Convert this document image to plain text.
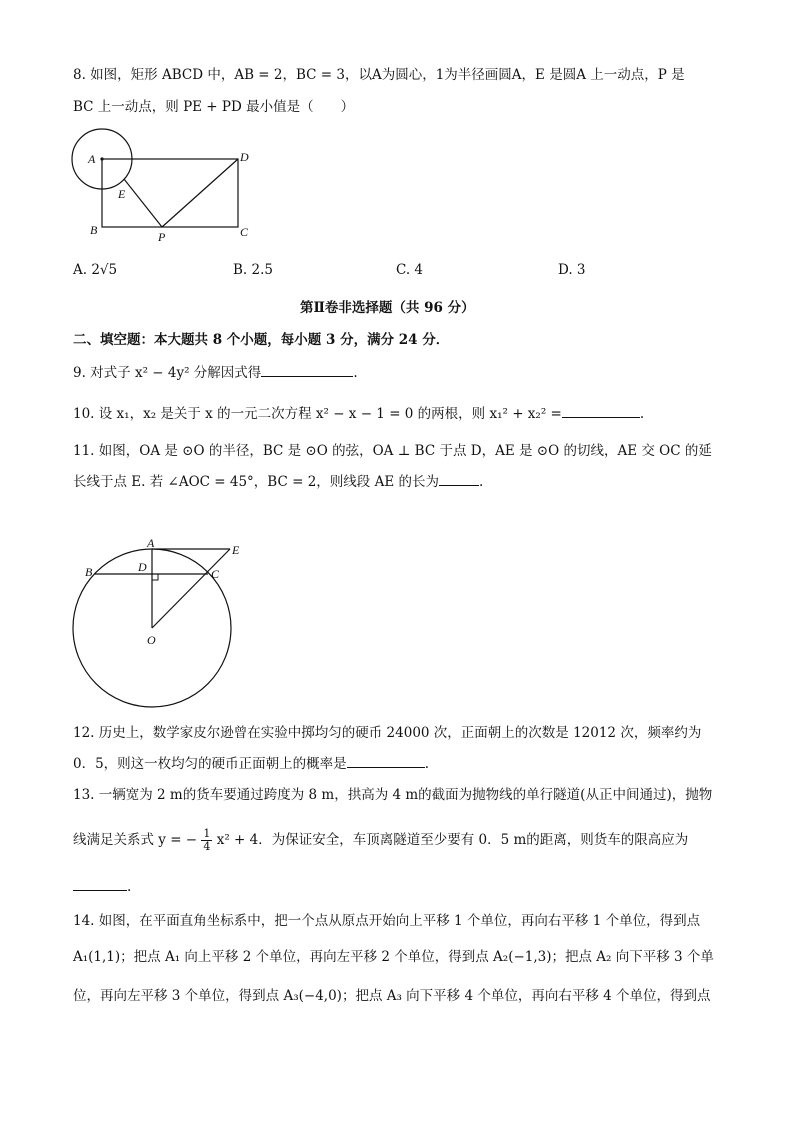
8. 如图，矩形 ABCD 中，AB = 2，BC = 3，以A为圆心，1为半径画圆A，E 是圆A 上一动点，P 是
BC 上一动点，则 PE + PD 最小值是（　　）
A	D
E
B	P	C
A. 2√5	B. 2.5	C. 4	D. 3
第Ⅱ卷非选择题（共 96 分）
二、填空题：本大题共 8 个小题，每小题 3 分，满分 24 分．
9. 对式子 x² − 4y² 分解因式得	.
10. 设 x₁，x₂ 是关于 x 的一元二次方程 x² − x − 1 = 0 的两根，则 x₁² + x₂² =	.
11. 如图，OA 是 ⊙O 的半径，BC 是 ⊙O 的弦，OA ⊥ BC 于点 D，AE 是 ⊙O 的切线，AE 交 OC 的延
长线于点 E. 若 ∠AOC = 45°，BC = 2，则线段 AE 的长为	.
A	E
B	D	C
O
12. 历史上，数学家皮尔逊曾在实验中掷均匀的硬币 24000 次，正面朝上的次数是 12012 次，频率约为
0．5，则这一枚均匀的硬币正面朝上的概率是	.
13. 一辆宽为 2 m的货车要通过跨度为 8 m，拱高为 4 m的截面为抛物线的单行隧道(从正中间通过)，抛物
线满足关系式 y = − $\frac{1}{4} x^2 + 4$．为保证安全，车顶离隧道至少要有 0．5 m的距离，则货车的限高应为
.
14. 如图，在平面直角坐标系中，把一个点从原点开始向上平移 1 个单位，再向右平移 1 个单位，得到点
A₁(1,1)；把点 A₁ 向上平移 2 个单位，再向左平移 2 个单位，得到点 A₂(−1,3)；把点 A₂ 向下平移 3 个单
位，再向左平移 3 个单位，得到点 A₃(−4,0)；把点 A₃ 向下平移 4 个单位，再向右平移 4 个单位，得到点
